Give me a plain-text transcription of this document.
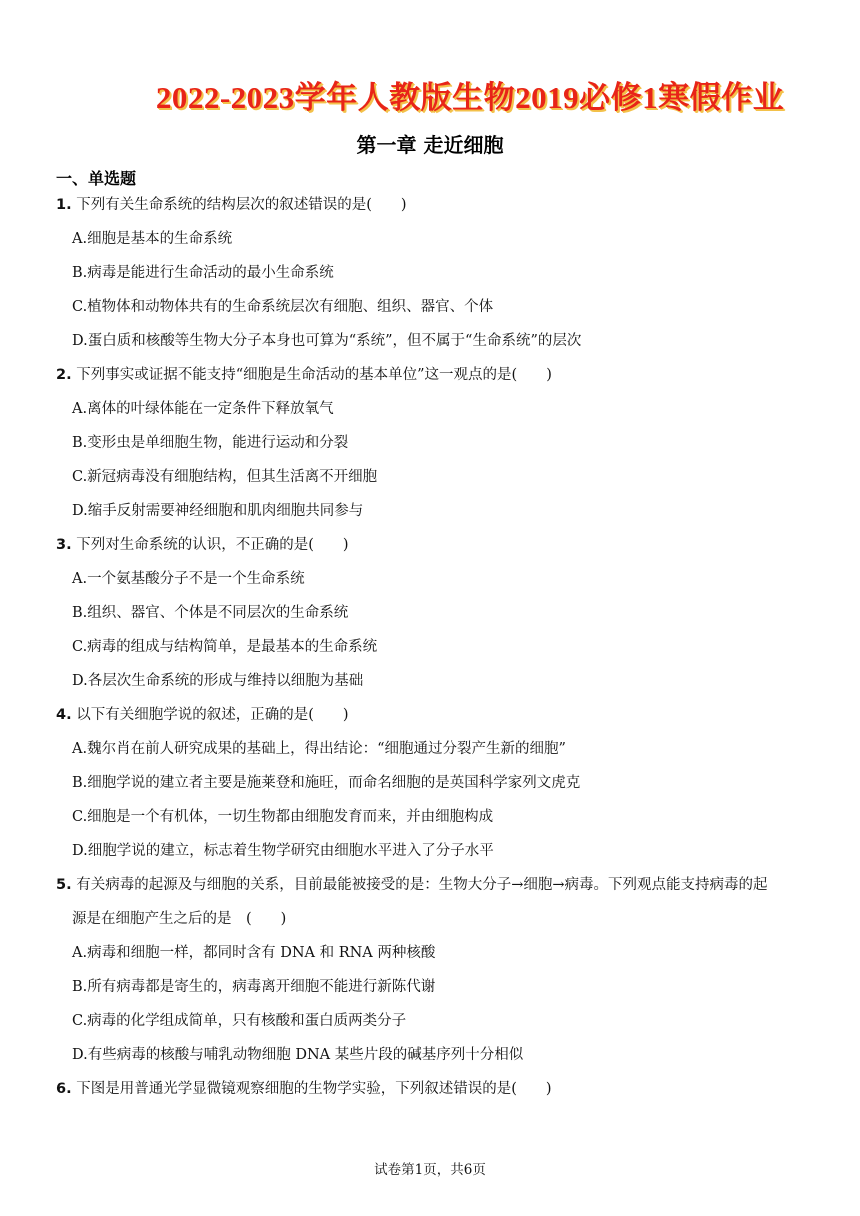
2022-2023学年人教版生物2019必修1寒假作业
第一章 走近细胞
一、单选题
1. 下列有关生命系统的结构层次的叙述错误的是(　　)
A.细胞是基本的生命系统
B.病毒是能进行生命活动的最小生命系统
C.植物体和动物体共有的生命系统层次有细胞、组织、器官、个体
D.蛋白质和核酸等生物大分子本身也可算为“系统”，但不属于“生命系统”的层次
2. 下列事实或证据不能支持“细胞是生命活动的基本单位”这一观点的是(　　)
A.离体的叶绿体能在一定条件下释放氧气
B.变形虫是单细胞生物，能进行运动和分裂
C.新冠病毒没有细胞结构，但其生活离不开细胞
D.缩手反射需要神经细胞和肌肉细胞共同参与
3. 下列对生命系统的认识，不正确的是(　　)
A.一个氨基酸分子不是一个生命系统
B.组织、器官、个体是不同层次的生命系统
C.病毒的组成与结构简单，是最基本的生命系统
D.各层次生命系统的形成与维持以细胞为基础
4. 以下有关细胞学说的叙述，正确的是(　　)
A.魏尔肖在前人研究成果的基础上，得出结论：“细胞通过分裂产生新的细胞”
B.细胞学说的建立者主要是施莱登和施旺，而命名细胞的是英国科学家列文虎克
C.细胞是一个有机体，一切生物都由细胞发育而来，并由细胞构成
D.细胞学说的建立，标志着生物学研究由细胞水平进入了分子水平
5. 有关病毒的起源及与细胞的关系，目前最能被接受的是：生物大分子→细胞→病毒。下列观点能支持病毒的起
源是在细胞产生之后的是　(　　)
A.病毒和细胞一样，都同时含有 DNA 和 RNA 两种核酸
B.所有病毒都是寄生的，病毒离开细胞不能进行新陈代谢
C.病毒的化学组成简单，只有核酸和蛋白质两类分子
D.有些病毒的核酸与哺乳动物细胞 DNA 某些片段的碱基序列十分相似
6. 下图是用普通光学显微镜观察细胞的生物学实验，下列叙述错误的是(　　)
试卷第1页，共6页
